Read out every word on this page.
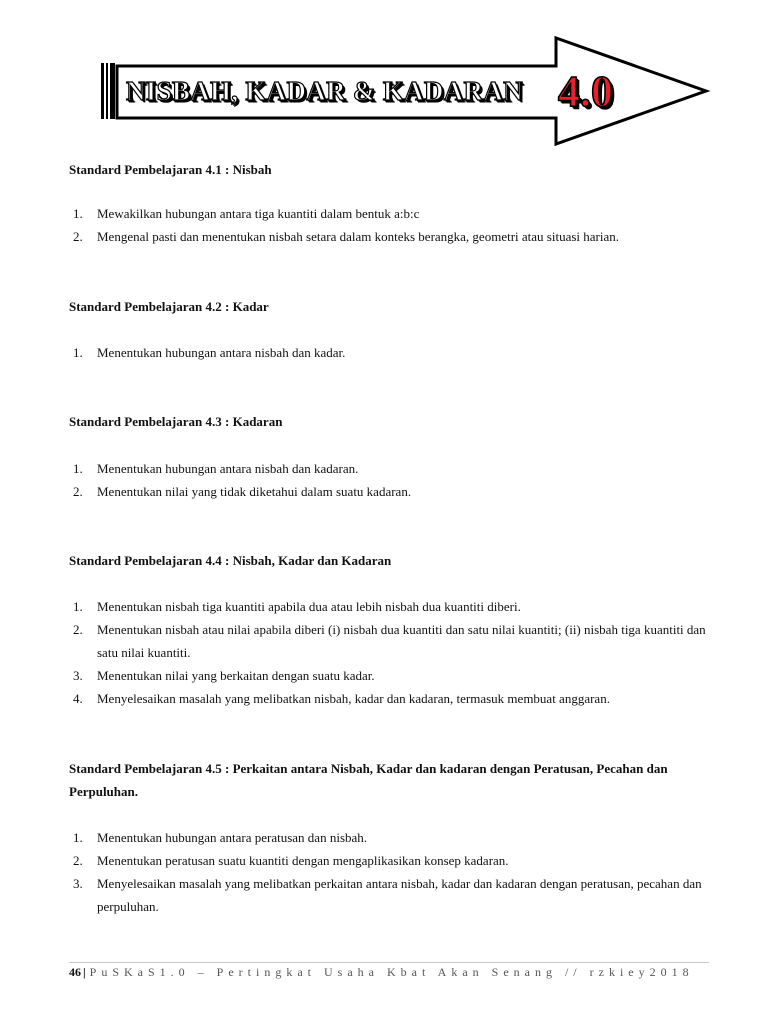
NISBAH, KADAR & KADARAN 4.0
Standard Pembelajaran 4.1 : Nisbah
1. Mewakilkan hubungan antara tiga kuantiti dalam bentuk a:b:c
2. Mengenal pasti dan menentukan nisbah setara dalam konteks berangka, geometri atau situasi harian.
Standard Pembelajaran 4.2 : Kadar
1. Menentukan hubungan antara nisbah dan kadar.
Standard Pembelajaran 4.3 : Kadaran
1. Menentukan hubungan antara nisbah dan kadaran.
2. Menentukan nilai yang tidak diketahui dalam suatu kadaran.
Standard Pembelajaran 4.4 : Nisbah, Kadar dan Kadaran
1. Menentukan nisbah tiga kuantiti apabila dua atau lebih nisbah dua kuantiti diberi.
2. Menentukan nisbah atau nilai apabila diberi (i) nisbah dua kuantiti dan satu nilai kuantiti; (ii) nisbah tiga kuantiti dan satu nilai kuantiti.
3. Menentukan nilai yang berkaitan dengan suatu kadar.
4. Menyelesaikan masalah yang melibatkan nisbah, kadar dan kadaran, termasuk membuat anggaran.
Standard Pembelajaran 4.5 : Perkaitan antara Nisbah, Kadar dan kadaran dengan Peratusan, Pecahan dan Perpuluhan.
1. Menentukan hubungan antara peratusan dan nisbah.
2. Menentukan peratusan suatu kuantiti dengan mengaplikasikan konsep kadaran.
3. Menyelesaikan masalah yang melibatkan perkaitan antara nisbah, kadar dan kadaran dengan peratusan, pecahan dan perpuluhan.
46 | PuSKaS1.0 – Pertingkat Usaha Kbat Akan Senang // rzkiey2018
